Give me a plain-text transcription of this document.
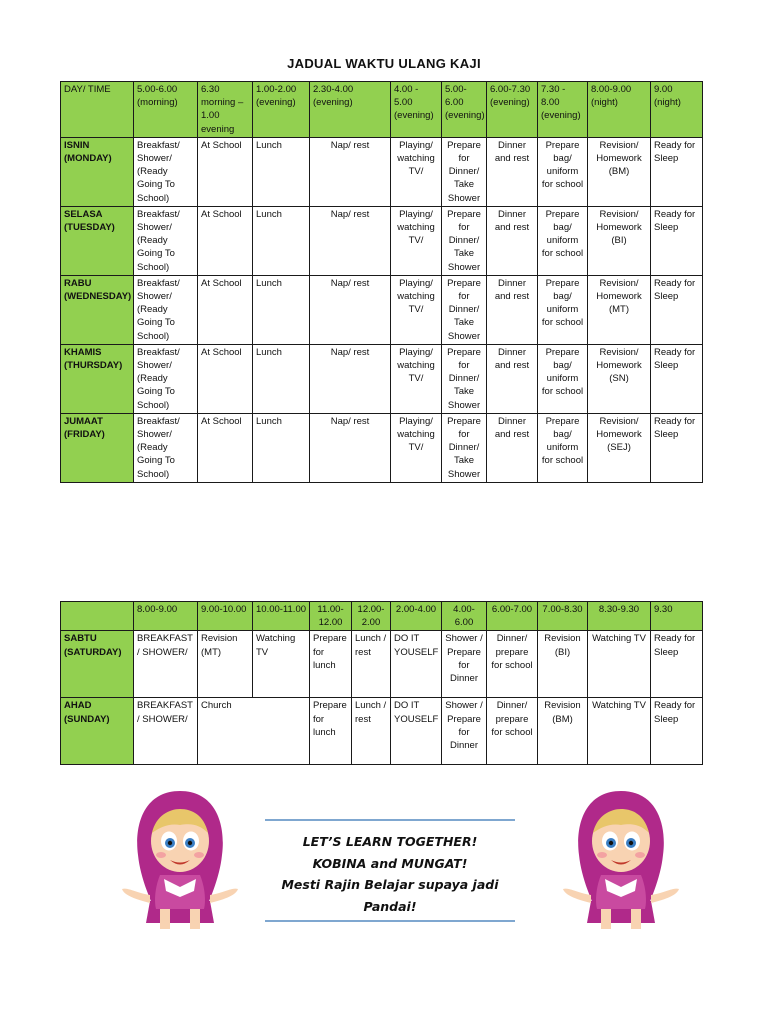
JADUAL WAKTU ULANG KAJI
DAY/ TIME	5.00-6.00 (morning)	6.30 morning – 1.00 evening	1.00-2.00 (evening)	2.30-4.00 (evening)	4.00 - 5.00 (evening)	5.00-6.00 (evening)	6.00-7.30 (evening)	7.30 - 8.00 (evening)	8.00-9.00 (night)	9.00 (night)
ISNIN (MONDAY)	Breakfast/ Shower/ (Ready Going To School)	At School	Lunch	Nap/ rest	Playing/ watching TV/	Prepare for Dinner/ Take Shower	Dinner and rest	Prepare bag/ uniform for school	Revision/ Homework (BM)	Ready for Sleep
SELASA (TUESDAY)	Breakfast/ Shower/ (Ready Going To School)	At School	Lunch	Nap/ rest	Playing/ watching TV/	Prepare for Dinner/ Take Shower	Dinner and rest	Prepare bag/ uniform for school	Revision/ Homework (BI)	Ready for Sleep
RABU (WEDNESDAY)	Breakfast/ Shower/ (Ready Going To School)	At School	Lunch	Nap/ rest	Playing/ watching TV/	Prepare for Dinner/ Take Shower	Dinner and rest	Prepare bag/ uniform for school	Revision/ Homework (MT)	Ready for Sleep
KHAMIS (THURSDAY)	Breakfast/ Shower/ (Ready Going To School)	At School	Lunch	Nap/ rest	Playing/ watching TV/	Prepare for Dinner/ Take Shower	Dinner and rest	Prepare bag/ uniform for school	Revision/ Homework (SN)	Ready for Sleep
JUMAAT (FRIDAY)	Breakfast/ Shower/ (Ready Going To School)	At School	Lunch	Nap/ rest	Playing/ watching TV/	Prepare for Dinner/ Take Shower	Dinner and rest	Prepare bag/ uniform for school	Revision/ Homework (SEJ)	Ready for Sleep
	8.00-9.00	9.00-10.00	10.00-11.00	11.00-12.00	12.00-2.00	2.00-4.00	4.00-6.00	6.00-7.00	7.00-8.30	8.30-9.30	9.30
SABTU (SATURDAY)	BREAKFAST / SHOWER/	Revision (MT)	Watching TV	Prepare for lunch	Lunch / rest	DO IT YOUSELF	Shower / Prepare for Dinner	Dinner/ prepare for school	Revision (BI)	Watching TV	Ready for Sleep
AHAD (SUNDAY)	BREAKFAST / SHOWER/	Church		Prepare for lunch	Lunch / rest	DO IT YOUSELF	Shower / Prepare for Dinner	Dinner/ prepare for school	Revision (BM)	Watching TV	Ready for Sleep
LET’S LEARN TOGETHER!
KOBINA and MUNGAT!
Mesti Rajin Belajar supaya jadi
Pandai!
